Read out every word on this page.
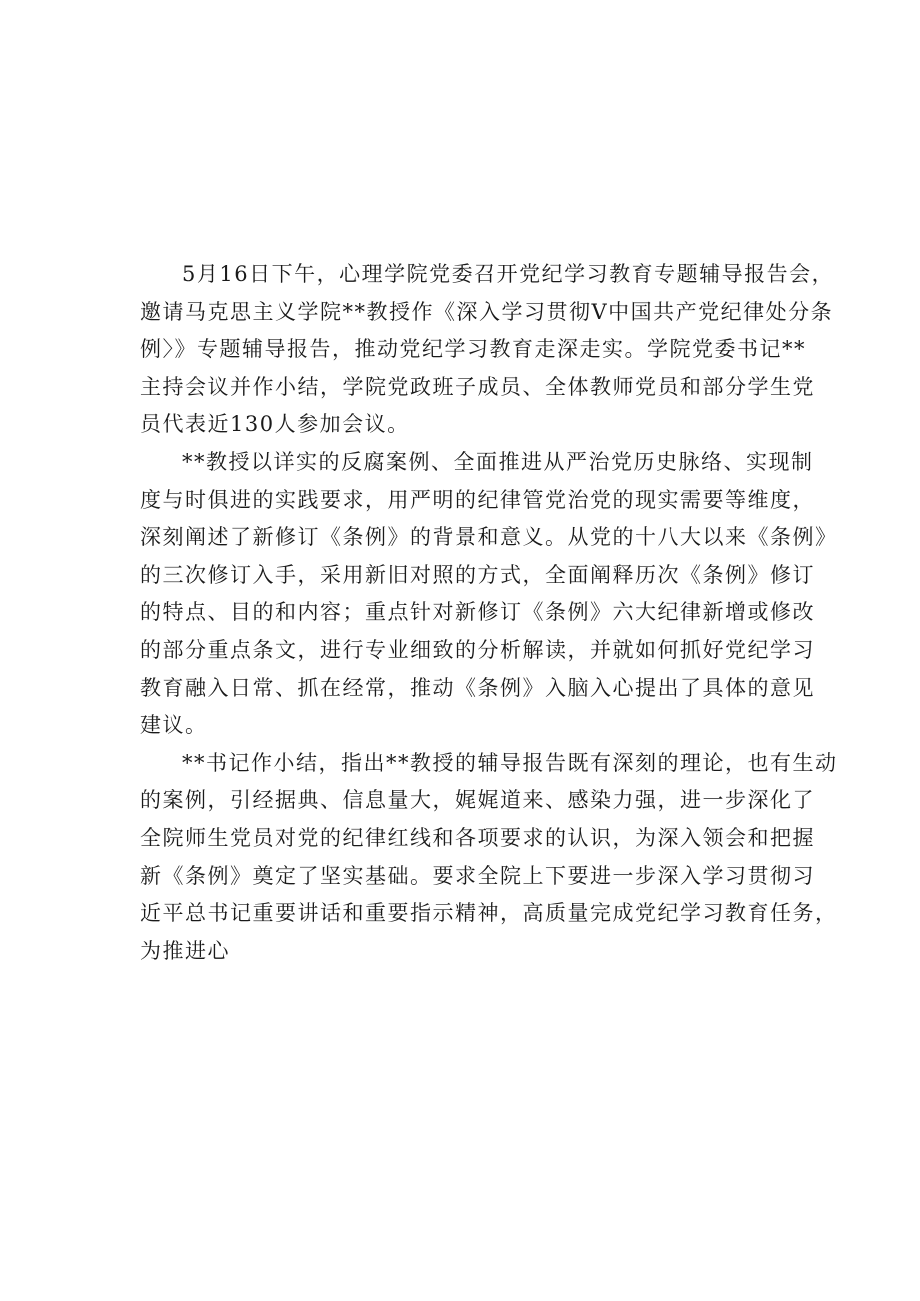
5月16日下午，心理学院党委召开党纪学习教育专题辅导报告会，
邀请马克思主义学院**教授作《深入学习贯彻V中国共产党纪律处分条
例〉》专题辅导报告，推动党纪学习教育走深走实。学院党委书记**
主持会议并作小结，学院党政班子成员、全体教师党员和部分学生党
员代表近130人参加会议。
**教授以详实的反腐案例、全面推进从严治党历史脉络、实现制
度与时俱进的实践要求，用严明的纪律管党治党的现实需要等维度，
深刻阐述了新修订《条例》的背景和意义。从党的十八大以来《条例》
的三次修订入手，采用新旧对照的方式，全面阐释历次《条例》修订
的特点、目的和内容；重点针对新修订《条例》六大纪律新增或修改
的部分重点条文，进行专业细致的分析解读，并就如何抓好党纪学习
教育融入日常、抓在经常，推动《条例》入脑入心提出了具体的意见
建议。
**书记作小结，指出**教授的辅导报告既有深刻的理论，也有生动
的案例，引经据典、信息量大，娓娓道来、感染力强，进一步深化了
全院师生党员对党的纪律红线和各项要求的认识，为深入领会和把握
新《条例》奠定了坚实基础。要求全院上下要进一步深入学习贯彻习
近平总书记重要讲话和重要指示精神，高质量完成党纪学习教育任务，
为推进心
